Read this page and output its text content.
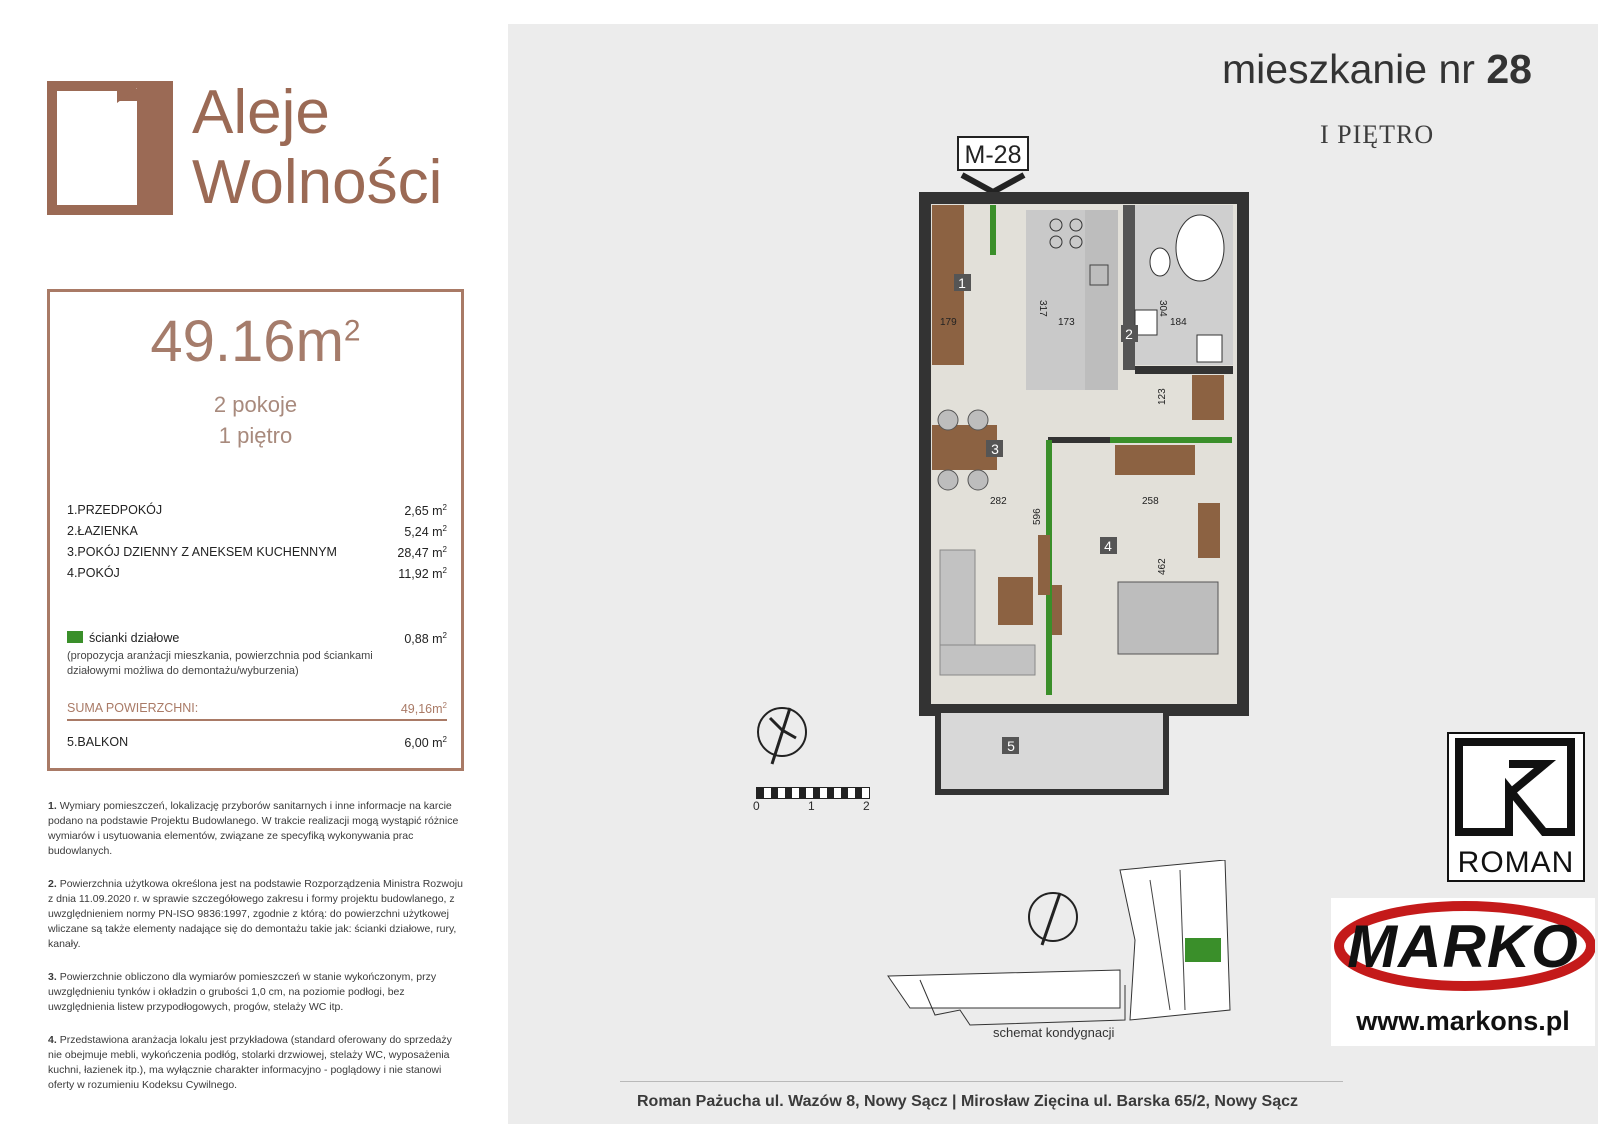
Aleje
Wolności
$49.16m^2$
2 pokoje
1 piętro
1.PRZEDPOKÓJ	2,65 $m^2$
2.ŁAZIENKA	5,24 $m^2$
3.POKÓJ DZIENNY Z ANEKSEM KUCHENNYM	28,47 $m^2$
4.POKÓJ	11,92 $m^2$
ścianki działowe	0,88 $m^2$
(propozycja aranżacji mieszkania, powierzchnia pod ściankami
działowymi możliwa do demontażu/wyburzenia)
SUMA POWIERZCHNI:	$49,16m^2$
5.BALKON	6,00 $m^2$
1. Wymiary pomieszczeń, lokalizację przyborów sanitarnych i inne informacje na karcie podano na podstawie Projektu Budowlanego. W trakcie realizacji mogą wystąpić różnice wymiarów i usytuowania elementów, związane ze specyfiką wykonywania prac budowlanych.
2. Powierzchnia użytkowa określona jest na podstawie Rozporządzenia Ministra Rozwoju z dnia 11.09.2020 r. w sprawie szczegółowego zakresu i formy projektu budowlanego, z uwzględnieniem normy PN-ISO 9836:1997, zgodnie z którą: do powierzchni użytkowej wliczane są także elementy nadające się do demontażu takie jak: ścianki działowe, rury, kanały.
3. Powierzchnie obliczono dla wymiarów pomieszczeń w stanie wykończonym, przy uwzględnieniu tynków i okładzin o grubości 1,0 cm, na poziomie podłogi, bez uwzględnienia listew przypodłogowych, progów, stelaży WC itp.
4. Przedstawiona aranżacja lokalu jest przykładowa (standard oferowany do sprzedaży nie obejmuje mebli, wykończenia podłóg, stolarki drzwiowej, stelaży WC, wyposażenia kuchni, łazienek itp.), ma wyłącznie charakter informacyjno - poglądowy i nie stanowi oferty w rozumieniu Kodeksu Cywilnego.
mieszkanie nr 28
I PIĘTRO
M-28
1
2
3
4
5
179	173	184
317	304
123
282	258
596
462
0	1	2
schemat kondygnacji
ROMAN
MARKO
www.markons.pl
Roman Pażucha ul. Wazów 8, Nowy Sącz | Mirosław Zięcina ul. Barska 65/2, Nowy Sącz
